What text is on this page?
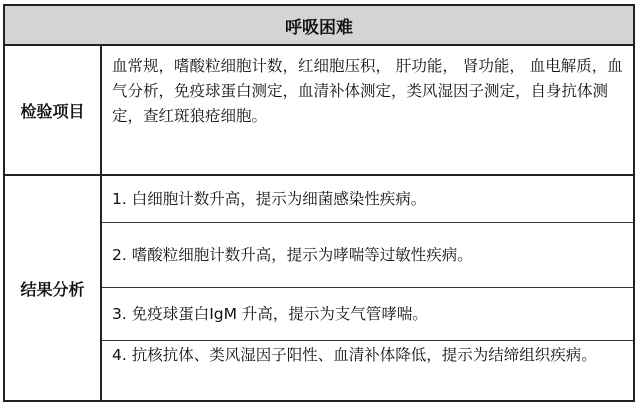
呼吸困难
检验项目
血常规，嗜酸粒细胞计数，红细胞压积， 肝功能， 肾功能， 血电解质，血气分析，免疫球蛋白测定，血清补体测定，类风湿因子测定，自身抗体测定，查红斑狼疮细胞。
结果分析
1. 白细胞计数升高，提示为细菌感染性疾病。
2. 嗜酸粒细胞计数升高，提示为哮喘等过敏性疾病。
3. 免疫球蛋白IgM 升高，提示为支气管哮喘。
4. 抗核抗体、类风湿因子阳性、血清补体降低，提示为结缔组织疾病。
